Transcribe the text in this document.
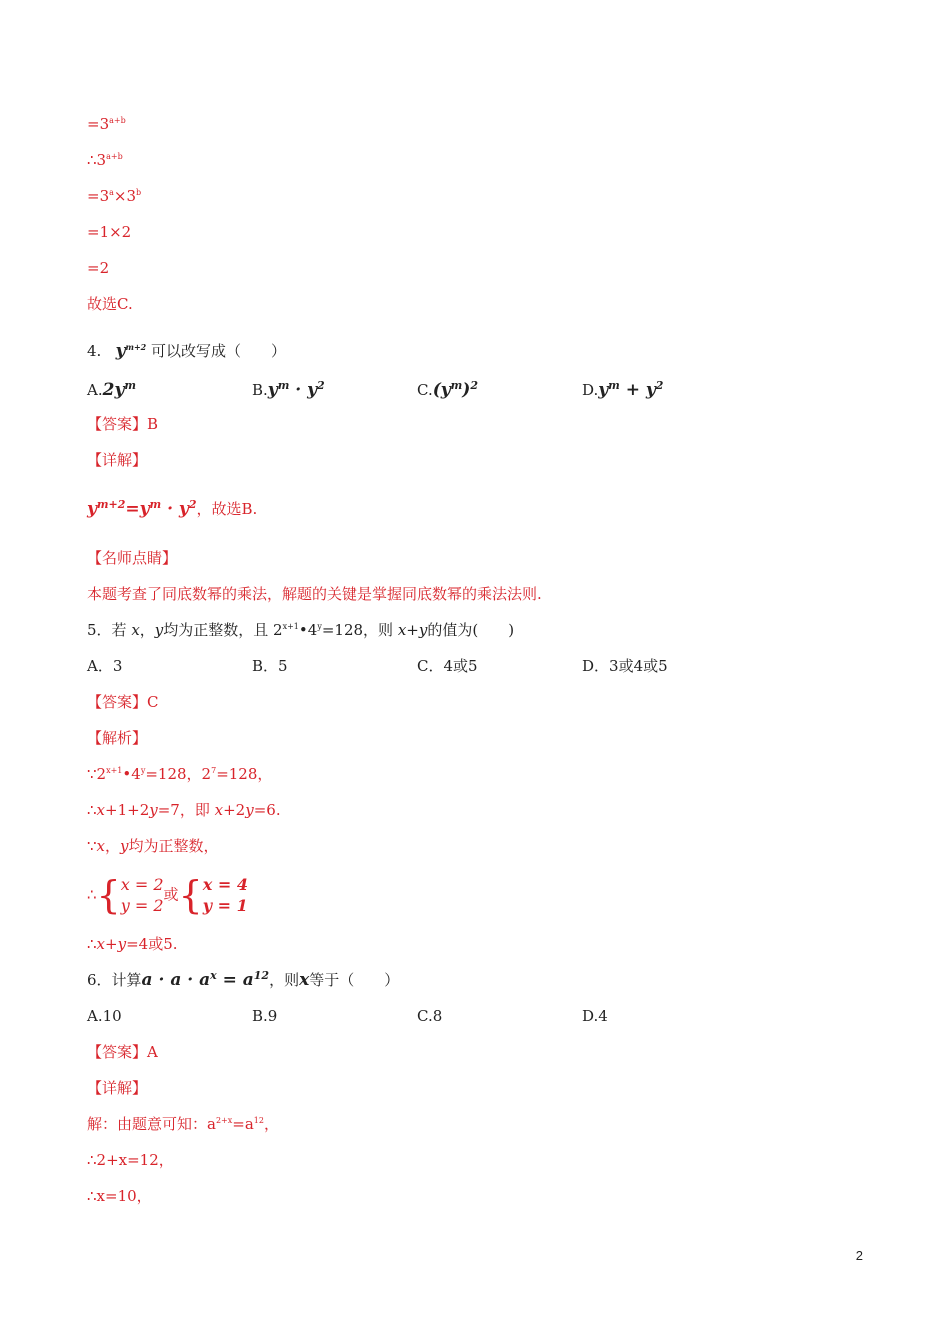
$=3^{a+b}$
$\therefore 3^{a+b}$
$=3^a\times 3^b$
=1×2
=2
故选C.
4. $y^{m+2}$ 可以改写成（　　）
$A.2y^m$	$B.y^m \cdot y^2$	$C.(y^m)^2$	$D.y^m + y^2$
【答案】B
【详解】
$y^{m+2}=y^m \cdot y^2$，故选B.
【名师点睛】
本题考查了同底数幂的乘法，解题的关键是掌握同底数幂的乘法法则.
5．若 x，y均为正整数，且 $2^{x+1}•4^y=128$，则 x+y的值为(　　)
A．3	B．5	C．4或5	D．3或4或5
【答案】C
【解析】
$\because 2^{x+1}•4^y=128$，$2^7=128$，
∴x+1+2y=7，即 x+2y=6.
∵x，y均为正整数，
∴{ x = 2
y = 2
或{ x = 4
y = 1
∴x+y=4或5.
6．计算$a \cdot a \cdot a^x = a^{12}$，则x等于（　　）
A.10	B.9	C.8	D.4
【答案】A
【详解】
解：由题意可知：$a^{2+x}=a^{12}$，
∴2+x=12，
∴x=10，
2
